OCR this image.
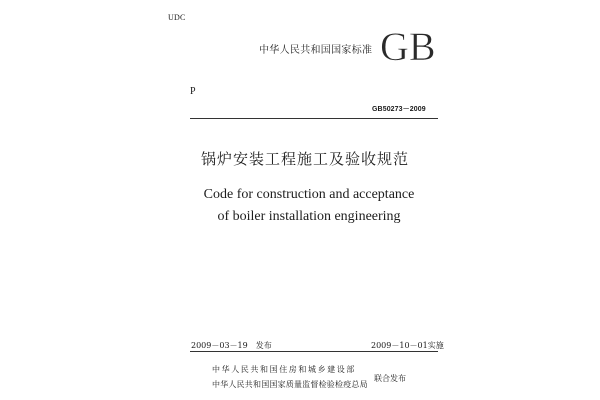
UDC
中华人民共和国国家标准 GB
P
GB50273－2009
锅炉安装工程施工及验收规范
Code for construction and acceptance
of boiler installation engineering
2009－03－19　发布	2009－10－01实施
中华人民共和国住房和城乡建设部
中华人民共和国国家质量监督检验检疫总局
联合发布
